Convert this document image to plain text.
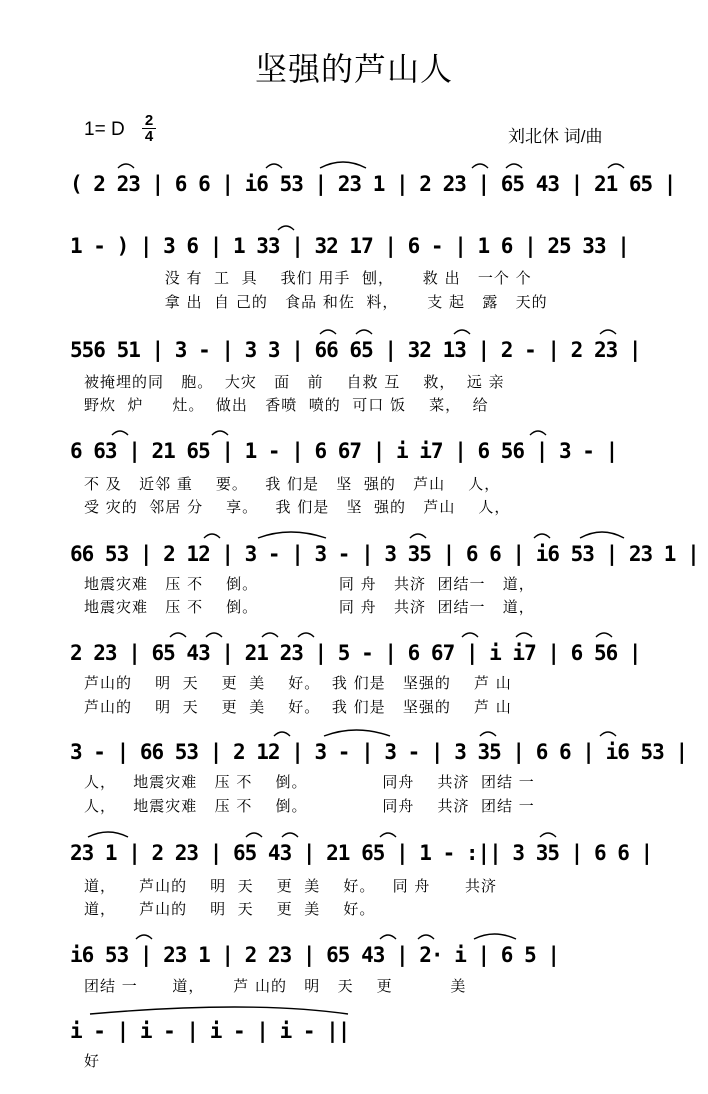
坚强的芦山人
1= D 2
4	刘北休 词/曲
( 2 23 | 6 6 | i6 53 | 23 1 | 2 23 | 65 43 | 21 65 |
1 - ) | 3 6 | 1 33 | 32 17 | 6 - | 1 6 | 25 33 |
没 有  工  具    我们 用手  刨，     救 出   一个 个
拿 出  自 己的   食品 和佐  料，     支 起   露   天的
556 51 | 3 - | 3 3 | 66 65 | 32 13 | 2 - | 2 23 |
被掩埋的同   胞。  大灾   面   前    自救 互    救，  远 亲
野炊  炉     灶。  做出   香喷  喷的  可口 饭    菜，  给
6 63 | 21 65 | 1 - | 6 67 | i i7 | 6 56 | 3 - |
不 及   近邻 重    要。   我 们是   坚  强的   芦山    人，
受 灾的  邻居 分    享。   我 们是   坚  强的   芦山    人，
66 53 | 2 12 | 3 - | 3 - | 3 35 | 6 6 | i6 53 | 23 1 |
地震灾难   压 不    倒。              同 舟   共济  团结一   道，
地震灾难   压 不    倒。              同 舟   共济  团结一   道，
2 23 | 65 43 | 21 23 | 5 - | 6 67 | i i7 | 6 56 |
芦山的    明  天    更  美    好。  我 们是   坚强的    芦 山
芦山的    明  天    更  美    好。  我 们是   坚强的    芦 山
3 - | 66 53 | 2 12 | 3 - | 3 - | 3 35 | 6 6 | i6 53 |
人，   地震灾难   压 不    倒。             同舟    共济  团结 一
人，   地震灾难   压 不    倒。             同舟    共济  团结 一
23 1 | 2 23 | 65 43 | 21 65 | 1 - :|| 3 35 | 6 6 |
道，    芦山的    明  天    更  美    好。   同 舟      共济
道，    芦山的    明  天    更  美    好。
i6 53 | 23 1 | 2 23 | 65 43 | 2· i | 6 5 |
团结 一      道，     芦 山的   明   天    更          美
i - | i - | i - | i - ||
好
